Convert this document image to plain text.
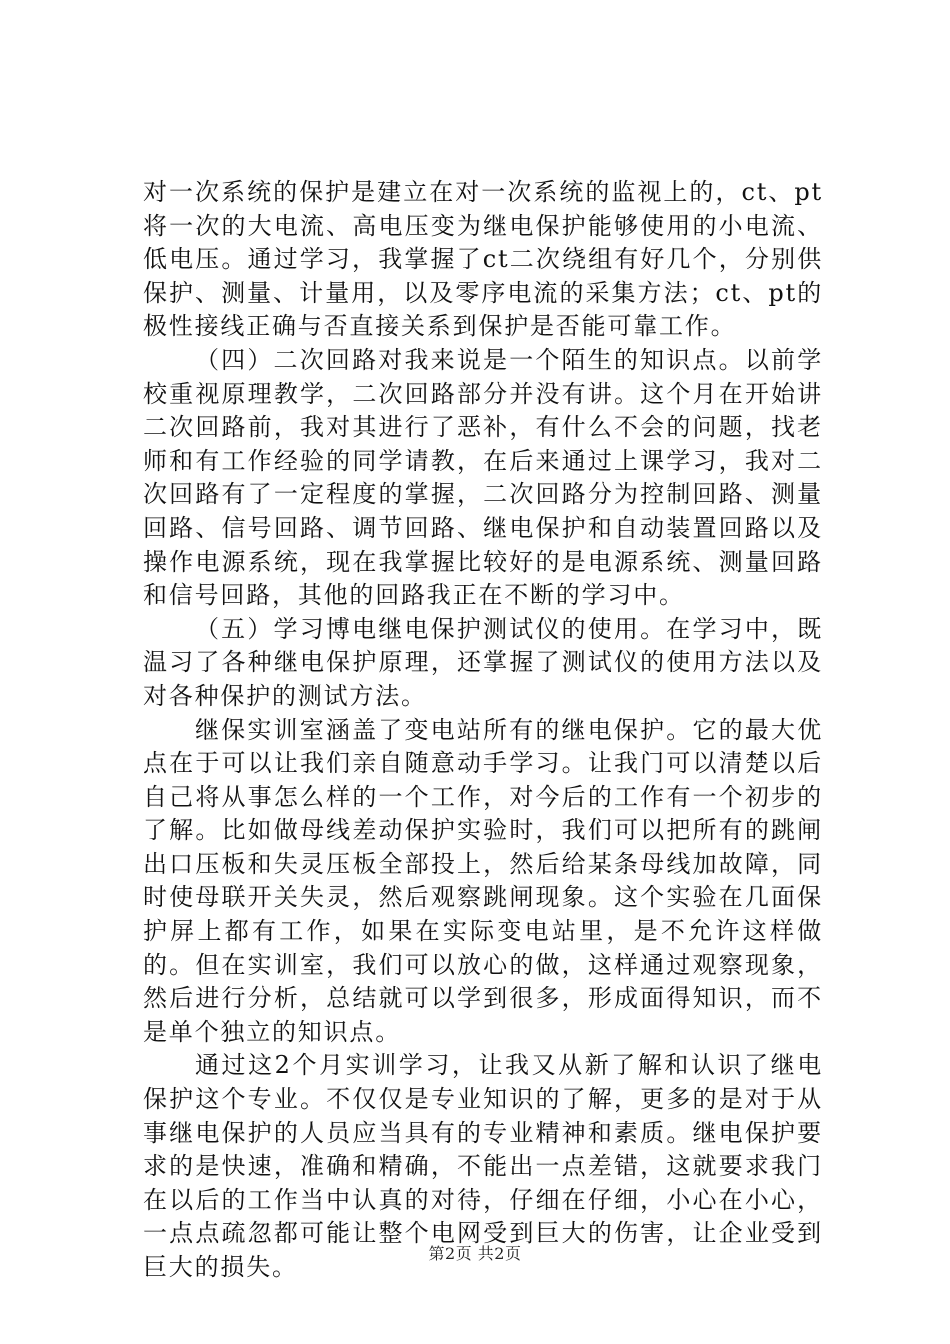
对一次系统的保护是建立在对一次系统的监视上的，ct、pt将一次的大电流、高电压变为继电保护能够使用的小电流、低电压。通过学习，我掌握了ct二次绕组有好几个，分别供保护、测量、计量用，以及零序电流的采集方法；ct、pt的极性接线正确与否直接关系到保护是否能可靠工作。

（四）二次回路对我来说是一个陌生的知识点。以前学校重视原理教学，二次回路部分并没有讲。这个月在开始讲二次回路前，我对其进行了恶补，有什么不会的问题，找老师和有工作经验的同学请教，在后来通过上课学习，我对二次回路有了一定程度的掌握，二次回路分为控制回路、测量回路、信号回路、调节回路、继电保护和自动装置回路以及操作电源系统，现在我掌握比较好的是电源系统、测量回路和信号回路，其他的回路我正在不断的学习中。

（五）学习博电继电保护测试仪的使用。在学习中，既温习了各种继电保护原理，还掌握了测试仪的使用方法以及对各种保护的测试方法。

继保实训室涵盖了变电站所有的继电保护。它的最大优点在于可以让我们亲自随意动手学习。让我门可以清楚以后自己将从事怎么样的一个工作，对今后的工作有一个初步的了解。比如做母线差动保护实验时，我们可以把所有的跳闸出口压板和失灵压板全部投上，然后给某条母线加故障，同时使母联开关失灵，然后观察跳闸现象。这个实验在几面保护屏上都有工作，如果在实际变电站里，是不允许这样做的。但在实训室，我们可以放心的做，这样通过观察现象，然后进行分析，总结就可以学到很多，形成面得知识，而不是单个独立的知识点。

通过这2个月实训学习，让我又从新了解和认识了继电保护这个专业。不仅仅是专业知识的了解，更多的是对于从事继电保护的人员应当具有的专业精神和素质。继电保护要求的是快速，准确和精确，不能出一点差错，这就要求我门在以后的工作当中认真的对待，仔细在仔细，小心在小心，一点点疏忽都可能让整个电网受到巨大的伤害，让企业受到巨大的损失。	第2页 共2页
